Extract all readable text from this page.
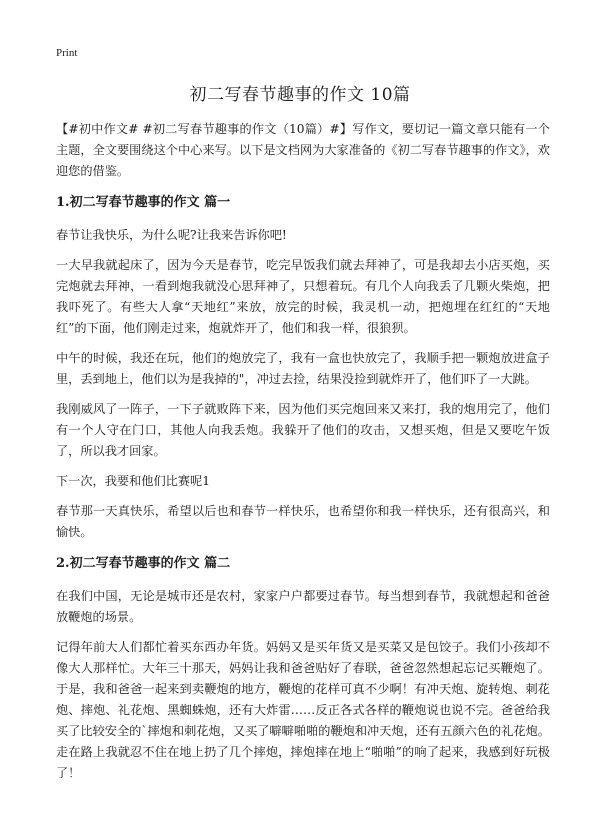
Print
初二写春节趣事的作文 10篇

【#初中作文# #初二写春节趣事的作文（10篇）#】写作文，要切记一篇文章只能有一个主题，全文要围绕这个中心来写。以下是文档网为大家准备的《初二写春节趣事的作文》，欢迎您的借鉴。

1.初二写春节趣事的作文 篇一

春节让我快乐，为什么呢?让我来告诉你吧!

一大早我就起床了，因为今天是春节，吃完早饭我们就去拜神了，可是我却去小店买炮，买完炮就去拜神，一看到炮我就没心思拜神了，只想着玩。有几个人向我丢了几颗火柴炮，把我吓死了。有些大人拿“天地红”来放，放完的时候，我灵机一动，把炮埋在红红的“天地红”的下面，他们刚走过来，炮就炸开了，他们和我一样，很狼狈。

中午的时候，我还在玩，他们的炮放完了，我有一盒也快放完了，我顺手把一颗炮放进盒子里，丢到地上，他们以为是我掉的"，冲过去捡，结果没捡到就炸开了，他们吓了一大跳。

我刚威风了一阵子，一下子就败阵下来，因为他们买完炮回来又来打，我的炮用完了，他们有一个人守在门口，其他人向我丢炮。我躲开了他们的攻击，又想买炮，但是又要吃午饭了，所以我才回家。

下一次，我要和他们比赛呢1

春节那一天真快乐，希望以后也和春节一样快乐，也希望你和我一样快乐，还有很高兴，和愉快。

2.初二写春节趣事的作文 篇二

在我们中国，无论是城市还是农村，家家户户都要过春节。每当想到春节，我就想起和爸爸放鞭炮的场景。

记得年前大人们都忙着买东西办年货。妈妈又是买年货又是买菜又是包饺子。我们小孩却不像大人那样忙。大年三十那天，妈妈让我和爸爸贴好了春联，爸爸忽然想起忘记买鞭炮了。于是，我和爸爸一起来到卖鞭炮的地方，鞭炮的花样可真不少啊！有冲天炮、旋转炮、刺花炮、摔炮、礼花炮、黑蜘蛛炮，还有大炸雷……反正各式各样的鞭炮说也说不完。爸爸给我买了比较安全的`摔炮和刺花炮，又买了噼噼啪啪的鞭炮和冲天炮，还有五颜六色的礼花炮。走在路上我就忍不住在地上扔了几个摔炮，摔炮摔在地上“啪啪”的响了起来，我感到好玩极了！
